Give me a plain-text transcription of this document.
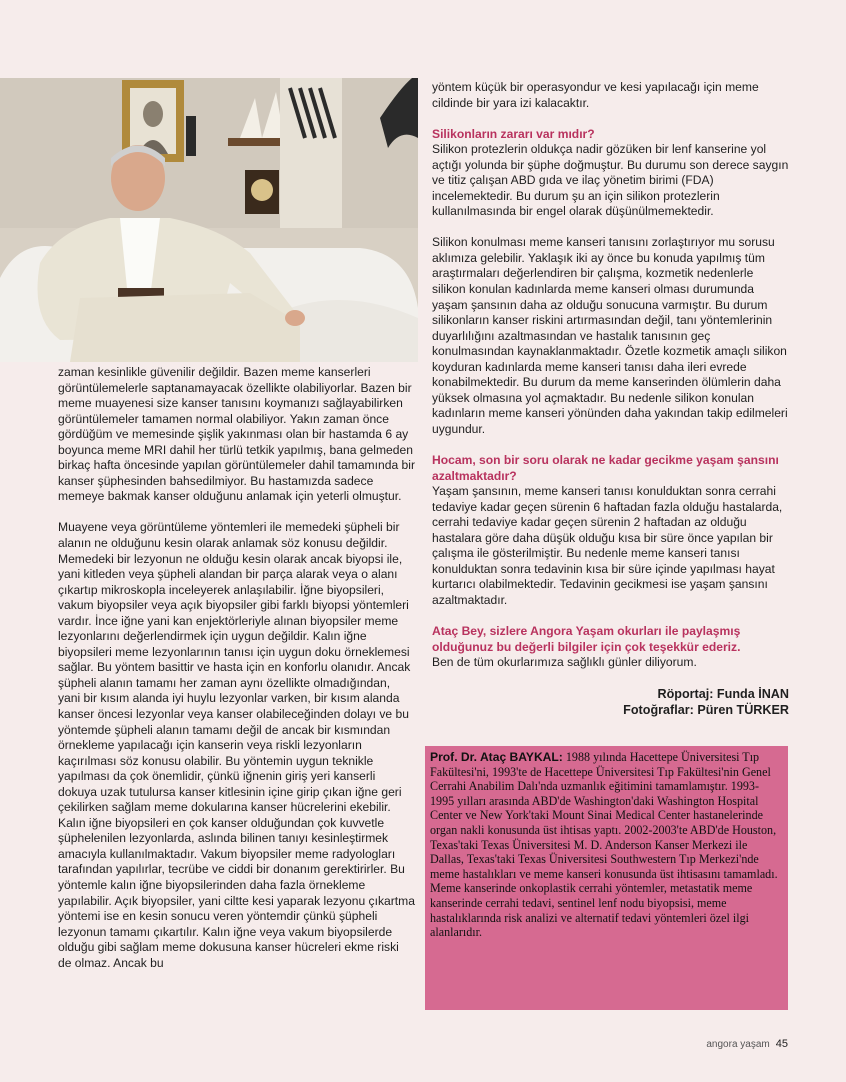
zaman kesinlikle güvenilir değildir. Bazen meme kanserleri görüntülemelerle saptanamayacak özellikte olabiliyorlar. Bazen bir meme muayenesi size kanser tanısını koymanızı sağlayabilirken görüntülemeler tamamen normal olabiliyor. Yakın zaman önce gördüğüm ve memesinde şişlik yakınması olan bir hastamda 6 ay boyunca meme MRI dahil her türlü tetkik yapılmış, bana gelmeden birkaç hafta öncesinde yapılan görüntülemeler dahil tamamında bir kanser şüphesinden bahsedilmiyor. Bu hastamızda sadece memeye bakmak kanser olduğunu anlamak için yeterli olmuştur.

Muayene veya görüntüleme yöntemleri ile memedeki şüpheli bir alanın ne olduğunu kesin olarak anlamak söz konusu değildir. Memedeki bir lezyonun ne olduğu kesin olarak ancak biyopsi ile, yani kitleden veya şüpheli alandan bir parça alarak veya o alanı çıkartıp mikroskopla inceleyerek anlaşılabilir. İğne biyopsileri, vakum biyopsiler veya açık biyopsiler gibi farklı biyopsi yöntemleri vardır. İnce iğne yani kan enjektörleriyle alınan biyopsiler meme lezyonlarını değerlendirmek için uygun değildir. Kalın iğne biyopsileri meme lezyonlarının tanısı için uygun doku örneklemesi sağlar. Bu yöntem basittir ve hasta için en konforlu olanıdır. Ancak şüpheli alanın tamamı her zaman aynı özellikte olmadığından, yani bir kısım alanda iyi huylu lezyonlar varken, bir kısım alanda kanser öncesi lezyonlar veya kanser olabileceğinden dolayı ve bu yöntemde şüpheli alanın tamamı değil de ancak bir kısmından örnekleme yapılacağı için kanserin veya riskli lezyonların kaçırılması söz konusu olabilir. Bu yöntemin uygun teknikle yapılması da çok önemlidir, çünkü iğnenin giriş yeri kanserli dokuya uzak tutulursa kanser kitlesinin içine girip çıkan iğne geri çekilirken sağlam meme dokularına kanser hücrelerini ekebilir. Kalın iğne biyopsileri en çok kanser olduğundan çok kuvvetle şüphelenilen lezyonlarda, aslında bilinen tanıyı kesinleştirmek amacıyla kullanılmaktadır. Vakum biyopsiler meme radyologları tarafından yapılırlar, tecrübe ve ciddi bir donanım gerektirirler. Bu yöntemle kalın iğne biyopsilerinden daha fazla örnekleme yapılabilir. Açık biyopsiler, yani ciltte kesi yaparak lezyonu çıkartma yöntemi ise en kesin sonucu veren yöntemdir çünkü şüpheli lezyonun tamamı çıkartılır. Kalın iğne veya vakum biyopsilerde olduğu gibi sağlam meme dokusuna kanser hücreleri ekme riski de olmaz. Ancak bu

yöntem küçük bir operasyondur ve kesi yapılacağı için meme cildinde bir yara izi kalacaktır.

Silikonların zararı var mıdır?

Silikon protezlerin oldukça nadir gözüken bir lenf kanserine yol açtığı yolunda bir şüphe doğmuştur. Bu durumu son derece saygın ve titiz çalışan ABD gıda ve ilaç yönetim birimi (FDA) incelemektedir. Bu durum şu an için silikon protezlerin kullanılmasında bir engel olarak düşünülmemektedir.

Silikon konulması meme kanseri tanısını zorlaştırıyor mu sorusu aklımıza gelebilir. Yaklaşık iki ay önce bu konuda yapılmış tüm araştırmaları değerlendiren bir çalışma, kozmetik nedenlerle silikon konulan kadınlarda meme kanseri olması durumunda yaşam şansının daha az olduğu sonucuna varmıştır. Bu durum silikonların kanser riskini artırmasından değil, tanı yöntemlerinin duyarlılığını azaltmasından ve hastalık tanısının geç konulmasından kaynaklanmaktadır. Özetle kozmetik amaçlı silikon koyduran kadınlarda meme kanseri tanısı daha ileri evrede konabilmektedir. Bu durum da meme kanserinden ölümlerin daha yüksek olmasına yol açmaktadır. Bu nedenle silikon konulan kadınların meme kanseri yönünden daha yakından takip edilmeleri uygundur.

Hocam, son bir soru olarak ne kadar gecikme yaşam şansını azaltmaktadır?

Yaşam şansının, meme kanseri tanısı konulduktan sonra cerrahi tedaviye kadar geçen sürenin 6 haftadan fazla olduğu hastalarda, cerrahi tedaviye kadar geçen sürenin 2 haftadan az olduğu hastalara göre daha düşük olduğu kısa bir süre önce yapılan bir çalışma ile gösterilmiştir. Bu nedenle meme kanseri tanısı konulduktan sonra tedavinin kısa bir süre içinde yapılması hayat kurtarıcı olabilmektedir. Tedavinin gecikmesi ise yaşam şansını azaltmaktadır.

Ataç Bey, sizlere Angora Yaşam okurları ile paylaşmış olduğunuz bu değerli bilgiler için çok teşekkür ederiz.

Ben de tüm okurlarımıza sağlıklı günler diliyorum.

Röportaj: Funda İNAN

Fotoğraflar: Püren TÜRKER

Prof. Dr. Ataç BAYKAL: 1988 yılında Hacettepe Üniversitesi Tıp Fakültesi'ni, 1993'te de Hacettepe Üniversitesi Tıp Fakültesi'nin Genel Cerrahi Anabilim Dalı'nda uzmanlık eğitimini tamamlamıştır. 1993-1995 yılları arasında ABD'de Washington'daki Washington Hospital Center ve New York'taki Mount Sinai Medical Center hastanelerinde organ nakli konusunda üst ihtisas yaptı. 2002-2003'te ABD'de Houston, Texas'taki Texas Üniversitesi M. D. Anderson Kanser Merkezi ile Dallas, Texas'taki Texas Üniversitesi Southwestern Tıp Merkezi'nde meme hastalıkları ve meme kanseri konusunda üst ihtisasını tamamladı. Meme kanserinde onkoplastik cerrahi yöntemler, metastatik meme kanserinde cerrahi tedavi, sentinel lenf nodu biyopsisi, meme hastalıklarında risk analizi ve alternatif tedavi yöntemleri özel ilgi alanlarıdır.
angora yaşam 45
